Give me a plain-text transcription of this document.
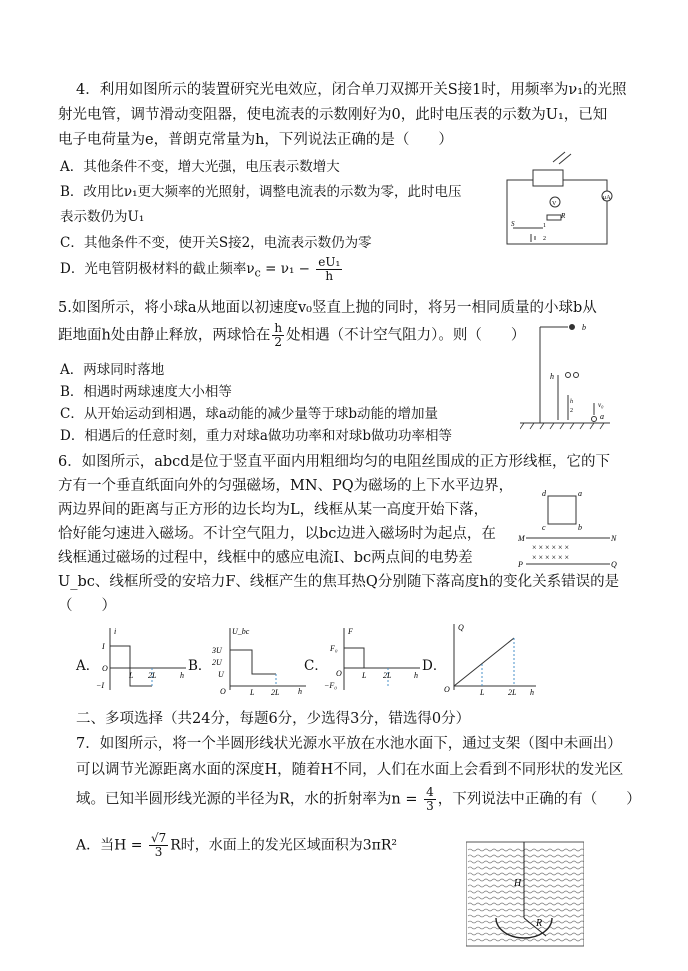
4．利用如图所示的装置研究光电效应，闭合单刀双掷开关S接1时，用频率为ν₁的光照
射光电管，调节滑动变阻器，使电流表的示数刚好为0，此时电压表的示数为U₁，已知
电子电荷量为e，普朗克常量为h，下列说法正确的是（　　）
A．其他条件不变，增大光强，电压表示数增大
B．改用比ν₁更大频率的光照射，调整电流表的示数为零，此时电压
表示数仍为U₁
C．其他条件不变，使开关S接2，电流表示数仍为零
D．光电管阴极材料的截止频率$\nu_c = \nu_1 - \frac{\text{eU₁}}{h}$
V
μA
R
S	1
2
5.如图所示，将小球a从地面以初速度v₀竖直上抛的同时，将另一相同质量的小球b从
距地面h处由静止释放，两球恰在 $\frac{h}{2}$ 处相遇（不计空气阻力）。则（　　）
A．两球同时落地
B．相遇时两球速度大小相等
C．从开始运动到相遇，球a动能的减少量等于球b动能的增加量
D．相遇后的任意时刻，重力对球a做功功率和对球b做功功率相等
b
a
h
h
2
v₀
6．如图所示，abcd是位于竖直平面内用粗细均匀的电阻丝围成的正方形线框，它的下
方有一个垂直纸面向外的匀强磁场，MN、PQ为磁场的上下水平边界，
两边界间的距离与正方形的边长均为L，线框从某一高度开始下落，
恰好能匀速进入磁场。不计空气阻力，以bc边进入磁场时为起点，在
线框通过磁场的过程中，线框中的感应电流I、bc两点间的电势差
U_bc、线框所受的安培力F、线框产生的焦耳热Q分别随下落高度h的变化关系错误的是
（　　）
× × × × × ×
× × × × × ×
d	a
c	b
M	N
P	Q
A．
i
h
I
−I
O
L 2L
B．
U_bc
h
3U
2U
U
O	L 2L
C．
F
h
F₀
−F₀
O	L 2L
D．
Q
h
O	L	2L
二、多项选择（共24分，每题6分，少选得3分，错选得0分）
7．如图所示，将一个半圆形线状光源水平放在水池水面下，通过支架（图中未画出）
可以调节光源距离水面的深度H，随着H不同，人们在水面上会看到不同形状的发光区
域。已知半圆形线光源的半径为R，水的折射率为$n = \frac{4}{3}$ ，下列说法中正确的有（　　）
A．当$H = \frac{√7}{3}$ R时，水面上的发光区域面积为3πR²
H
R
